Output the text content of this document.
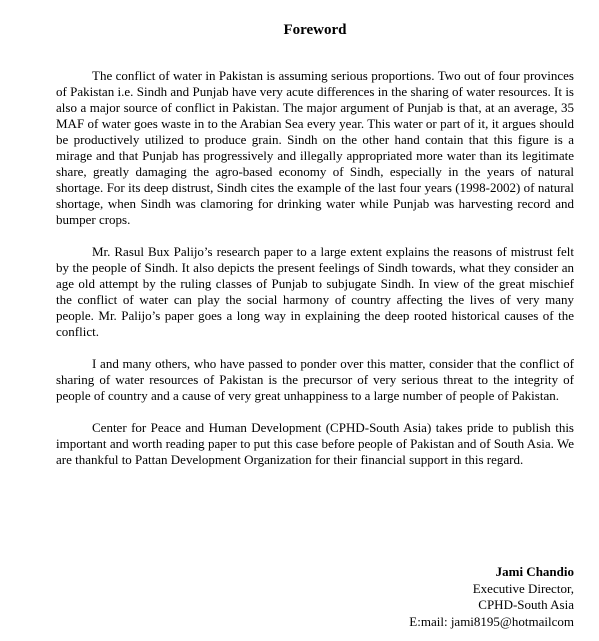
Foreword

The conflict of water in Pakistan is assuming serious proportions. Two out of four provinces of Pakistan i.e. Sindh and Punjab have very acute differences in the sharing of water resources. It is also a major source of conflict in Pakistan. The major argument of Punjab is that, at an average, 35 MAF of water goes waste in to the Arabian Sea every year. This water or part of it, it argues should be productively utilized to produce grain. Sindh on the other hand contain that this figure is a mirage and that Punjab has progressively and illegally appropriated more water than its legitimate share, greatly damaging the agro-based economy of Sindh, especially in the years of natural shortage. For its deep distrust, Sindh cites the example of the last four years (1998-2002) of natural shortage, when Sindh was clamoring for drinking water while Punjab was harvesting record and bumper crops.

Mr. Rasul Bux Palijo’s research paper to a large extent explains the reasons of mistrust felt by the people of Sindh. It also depicts the present feelings of Sindh towards, what they consider an age old attempt by the ruling classes of Punjab to subjugate Sindh. In view of the great mischief the conflict of water can play the social harmony of country affecting the lives of very many people. Mr. Palijo’s paper goes a long way in explaining the deep rooted historical causes of the conflict.

I and many others, who have passed to ponder over this matter, consider that the conflict of sharing of water resources of Pakistan is the precursor of very serious threat to the integrity of people of country and a cause of very great unhappiness to a large number of people of Pakistan.

Center for Peace and Human Development (CPHD-South Asia) takes pride to publish this important and worth reading paper to put this case before people of Pakistan and of South Asia. We are thankful to Pattan Development Organization for their financial support in this regard.

Jami Chandio
Executive Director,
CPHD-South Asia
E:mail: jami8195@hotmailcom
